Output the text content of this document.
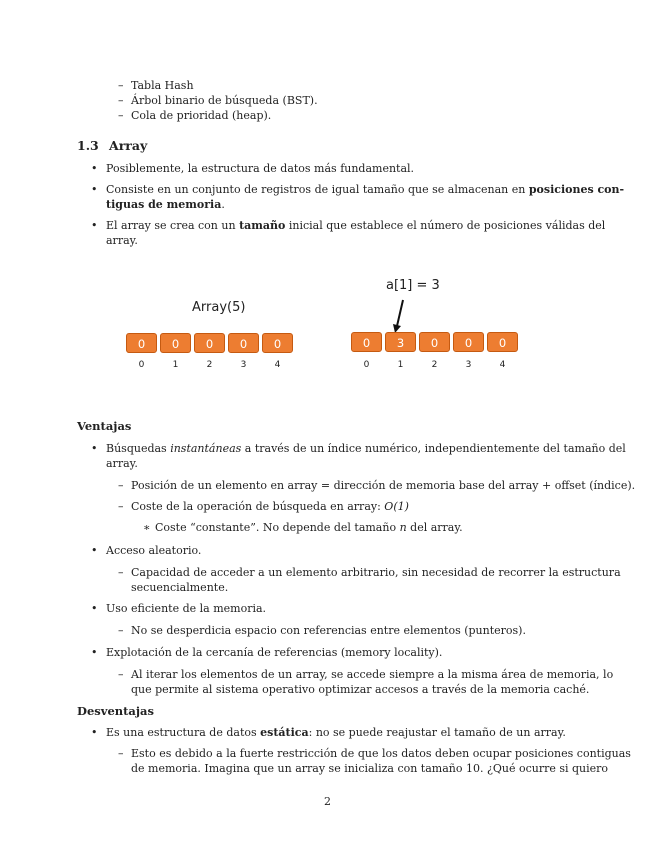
– Tabla Hash
– Árbol binario de búsqueda (BST).
– Cola de prioridad (heap).
1.3 Array
• Posiblemente, la estructura de datos más fundamental.
• Consiste en un conjunto de registros de igual tamaño que se almacenan en posiciones con-
tiguas de memoria.
• El array se crea con un tamaño inicial que establece el número de posiciones válidas del
array.
Array(5)
0	0	0	0	0
0	1	2	3	4
a[1] = 3
0	3	0	0	0
0	1	2	3	4
Ventajas
• Búsquedas instantáneas a través de un índice numérico, independientemente del tamaño del
array.
– Posición de un elemento en array = dirección de memoria base del array + offset (índice).
– Coste de la operación de búsqueda en array: O(1)
∗ Coste “constante”. No depende del tamaño n del array.
• Acceso aleatorio.
– Capacidad de acceder a un elemento arbitrario, sin necesidad de recorrer la estructura
secuencialmente.
• Uso eficiente de la memoria.
– No se desperdicia espacio con referencias entre elementos (punteros).
• Explotación de la cercanía de referencias (memory locality).
– Al iterar los elementos de un array, se accede siempre a la misma área de memoria, lo
que permite al sistema operativo optimizar accesos a través de la memoria caché.
Desventajas
• Es una estructura de datos estática: no se puede reajustar el tamaño de un array.
– Esto es debido a la fuerte restricción de que los datos deben ocupar posiciones contiguas
de memoria. Imagina que un array se inicializa con tamaño 10. ¿Qué ocurre si quiero
2
